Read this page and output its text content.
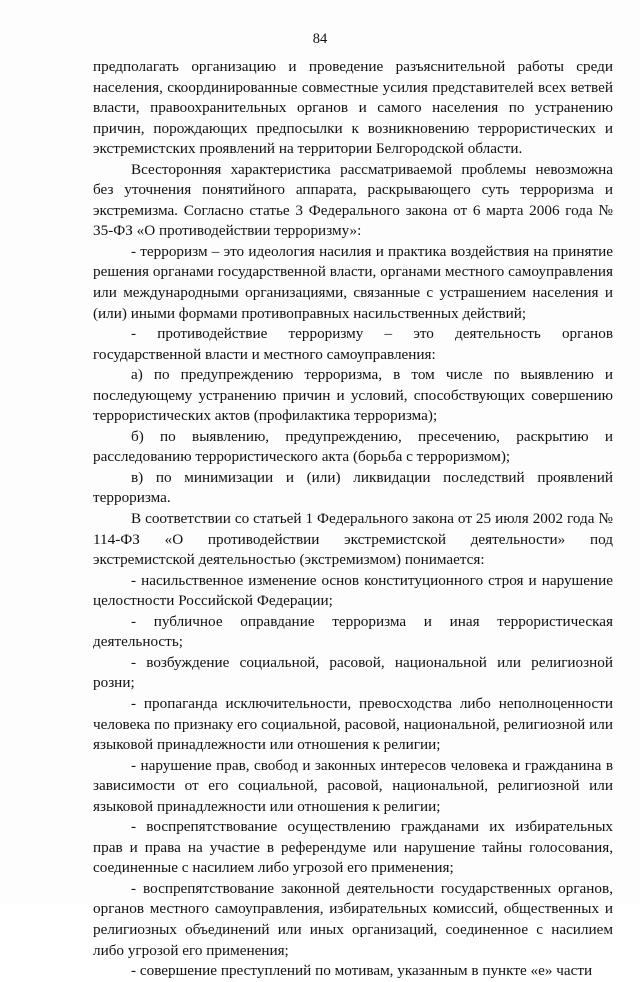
84

предполагать организацию и проведение разъяснительной работы среди населения, скоординированные совместные усилия представителей всех ветвей власти, правоохранительных органов и самого населения по устранению причин, порождающих предпосылки к возникновению террористических и экстремистских проявлений на территории Белгородской области.

Всесторонняя характеристика рассматриваемой проблемы невозможна без уточнения понятийного аппарата, раскрывающего суть терроризма и экстремизма. Согласно статье 3 Федерального закона от 6 марта 2006 года № 35-ФЗ «О противодействии терроризму»:

- терроризм – это идеология насилия и практика воздействия на принятие решения органами государственной власти, органами местного самоуправления или международными организациями, связанные с устрашением населения и (или) иными формами противоправных насильственных действий;

- противодействие терроризму – это деятельность органов государственной власти и местного самоуправления:

а) по предупреждению терроризма, в том числе по выявлению и последующему устранению причин и условий, способствующих совершению террористических актов (профилактика терроризма);

б) по выявлению, предупреждению, пресечению, раскрытию и расследованию террористического акта (борьба с терроризмом);

в) по минимизации и (или) ликвидации последствий проявлений терроризма.

В соответствии со статьей 1 Федерального закона от 25 июля 2002 года № 114-ФЗ «О противодействии экстремистской деятельности» под экстремистской деятельностью (экстремизмом) понимается:

- насильственное изменение основ конституционного строя и нарушение целостности Российской Федерации;

- публичное оправдание терроризма и иная террористическая деятельность;

- возбуждение социальной, расовой, национальной или религиозной розни;

- пропаганда исключительности, превосходства либо неполноценности человека по признаку его социальной, расовой, национальной, религиозной или языковой принадлежности или отношения к религии;

- нарушение прав, свобод и законных интересов человека и гражданина в зависимости от его социальной, расовой, национальной, религиозной или языковой принадлежности или отношения к религии;

- воспрепятствование осуществлению гражданами их избирательных прав и права на участие в референдуме или нарушение тайны голосования, соединенные с насилием либо угрозой его применения;

- воспрепятствование законной деятельности государственных органов, органов местного самоуправления, избирательных комиссий, общественных и религиозных объединений или иных организаций, соединенное с насилием либо угрозой его применения;

- совершение преступлений по мотивам, указанным в пункте «е» части
